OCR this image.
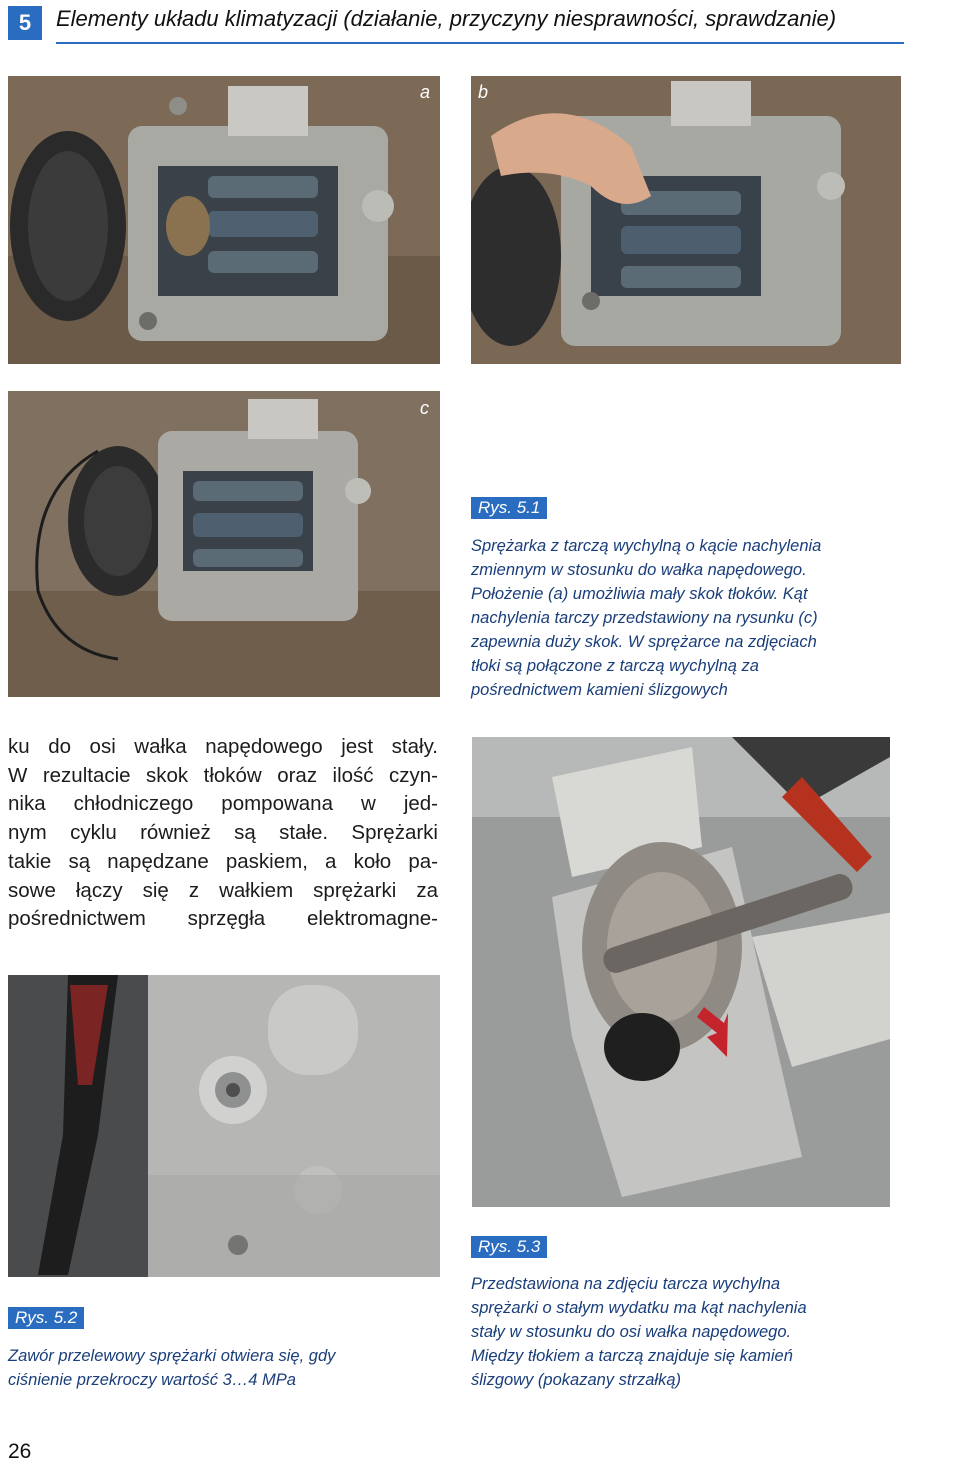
5	Elementy układu klimatyzacji (działanie, przyczyny niesprawności, sprawdzanie)
a	b
c
Rys. 5.1
Sprężarka z tarczą wychylną o kącie nachylenia
zmiennym w stosunku do wałka napędowego.
Położenie (a) umożliwia mały skok tłoków. Kąt
nachylenia tarczy przedstawiony na rysunku (c)
zapewnia duży skok. W sprężarce na zdjęciach
tłoki są połączone z tarczą wychylną za
pośrednictwem kamieni ślizgowych
ku do osi wałka napędowego jest stały.
W rezultacie skok tłoków oraz ilość czyn-
nika chłodniczego pompowana w jed-
nym cyklu również są stałe. Sprężarki
takie są napędzane paskiem, a koło pa-
sowe łączy się z wałkiem sprężarki za
pośrednictwem sprzęgła elektromagne-
Rys. 5.3
Przedstawiona na zdjęciu tarcza wychylna
sprężarki o stałym wydatku ma kąt nachylenia
stały w stosunku do osi wałka napędowego.
Między tłokiem a tarczą znajduje się kamień
ślizgowy (pokazany strzałką)
Rys. 5.2
Zawór przelewowy sprężarki otwiera się, gdy
ciśnienie przekroczy wartość 3…4 MPa
26
